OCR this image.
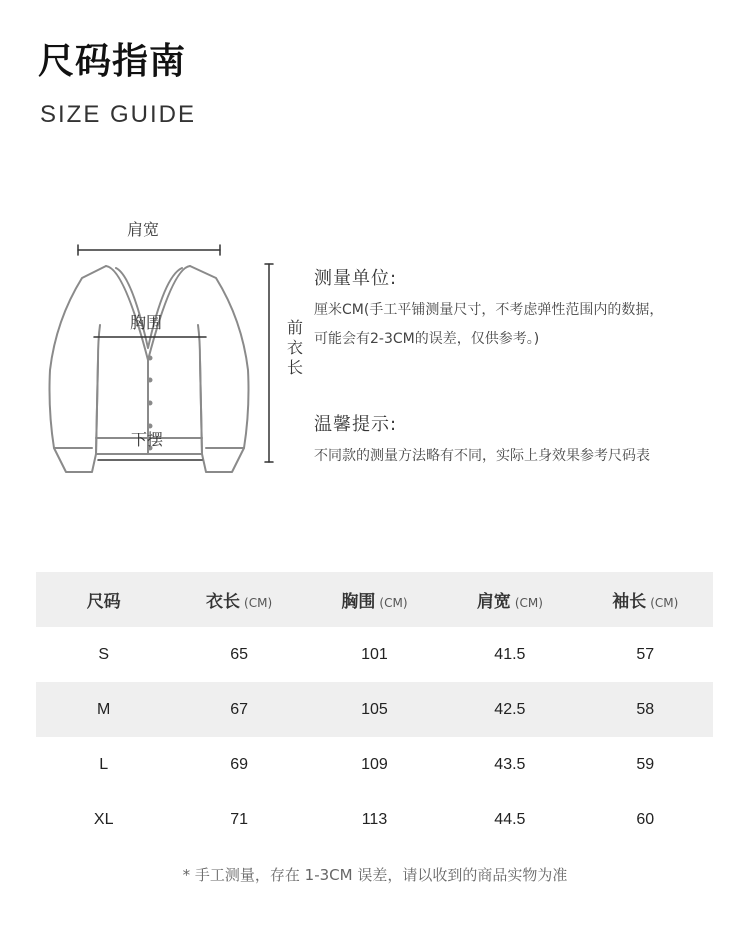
尺码指南
SIZE GUIDE
肩宽
胸围
下摆
前衣长
测量单位:
厘米CM(手工平铺测量尺寸，不考虑弹性范围内的数据，
可能会有2-3CM的误差，仅供参考。)
温馨提示:
不同款的测量方法略有不同，实际上身效果参考尺码表
尺码	衣长 (CM)	胸围 (CM)	肩宽 (CM)	袖长 (CM)
S	65	101	41.5	57
M	67	105	42.5	58
L	69	109	43.5	59
XL	71	113	44.5	60
* 手工测量，存在 1-3CM 误差，请以收到的商品实物为准
